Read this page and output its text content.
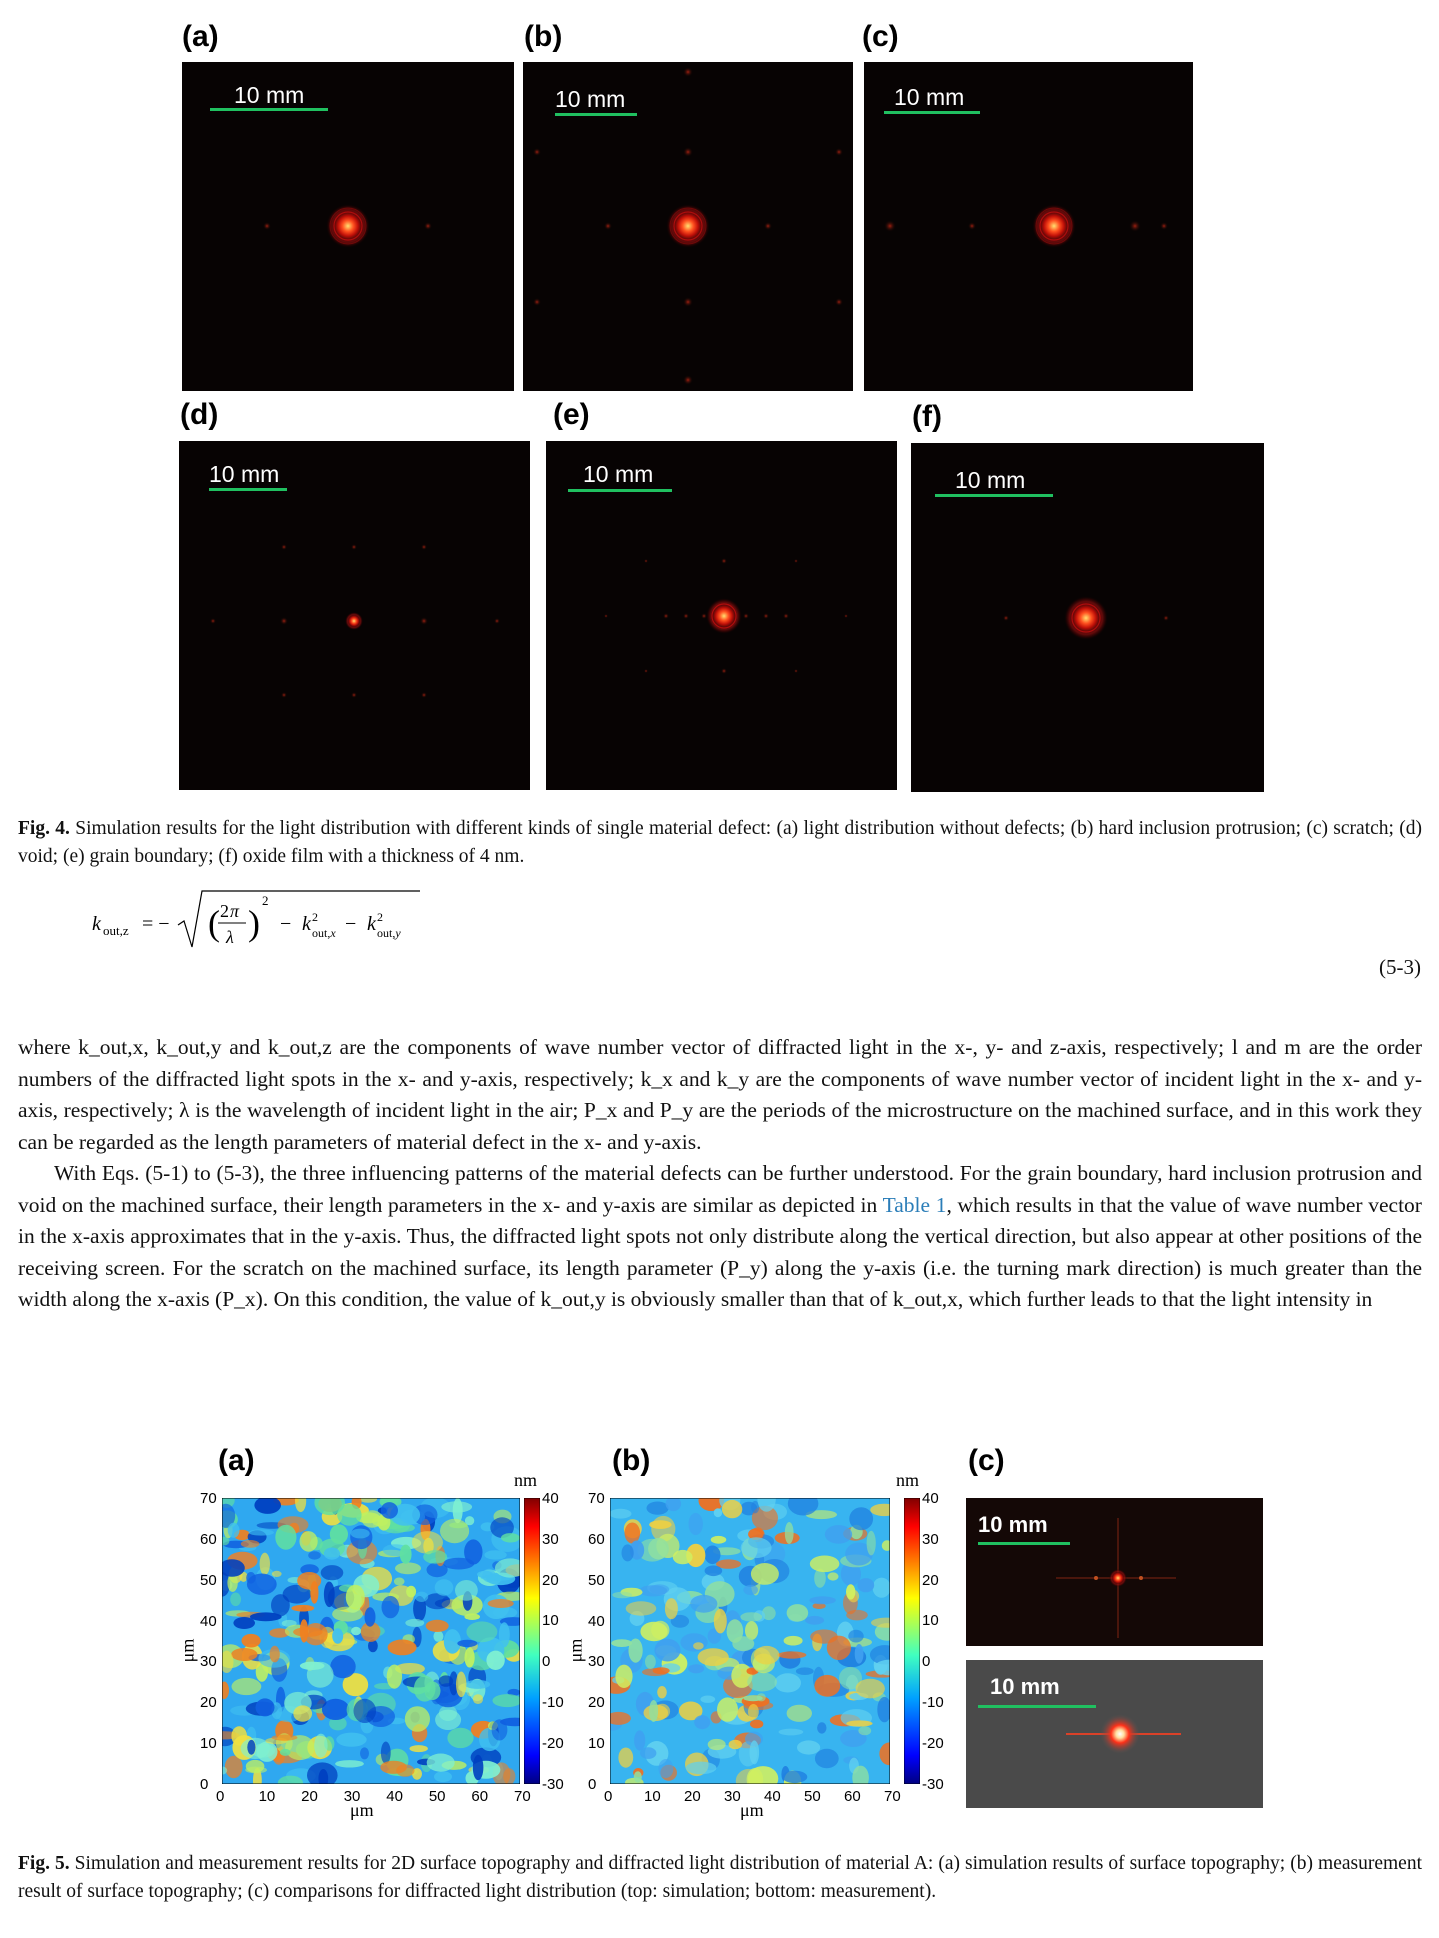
(a)
10 mm
(b)
10 mm
(c)
10 mm
(d)
10 mm
(e)
10 mm
(f)
10 mm
Fig. 4. Simulation results for the light distribution with different kinds of single material defect: (a) light distribution without defects; (b) hard inclusion protrusion; (c) scratch; (d) void; (e) grain boundary; (f) oxide film with a thickness of 4 nm.
k out,z = − ( 2 π
λ )
2
− k 2
out,x − k 2
out,y
(5-3)

where k_out,x, k_out,y and k_out,z are the components of wave number vector of diffracted light in the x-, y- and z-axis, respectively; l and m are the order numbers of the diffracted light spots in the x- and y-axis, respectively; k_x and k_y are the components of wave number vector of incident light in the x- and y-axis, respectively; λ is the wavelength of incident light in the air; P_x and P_y are the periods of the microstructure on the machined surface, and in this work they can be regarded as the length parameters of material defect in the x- and y-axis.

With Eqs. (5-1) to (5-3), the three influencing patterns of the material defects can be further understood. For the grain boundary, hard inclusion protrusion and void on the machined surface, their length parameters in the x- and y-axis are similar as depicted in Table 1, which results in that the value of wave number vector in the x-axis approximates that in the y-axis. Thus, the diffracted light spots not only distribute along the vertical direction, but also appear at other positions of the receiving screen. For the scratch on the machined surface, its length parameter (P_y) along the y-axis (i.e. the turning mark direction) is much greater than the width along the x-axis (P_x). On this condition, the value of k_out,y is obviously smaller than that of k_out,x, which further leads to that the light intensity in

(a)	(b)	(c)
nm	nm
40
30
20
10
0
-10
-20
-30
40
30
20
10
0
-10
-20
-30
0 10 20 30 40 50 60 70
70
60
50
40
30
20
10
0
0 10 20 30 40 50 60 70
70
60
50
40
30
20
10
0
μm	μm
μm	μm
10 mm
10 mm
Fig. 5. Simulation and measurement results for 2D surface topography and diffracted light distribution of material A: (a) simulation results of surface topography; (b) measurement result of surface topography; (c) comparisons for diffracted light distribution (top: simulation; bottom: measurement).
